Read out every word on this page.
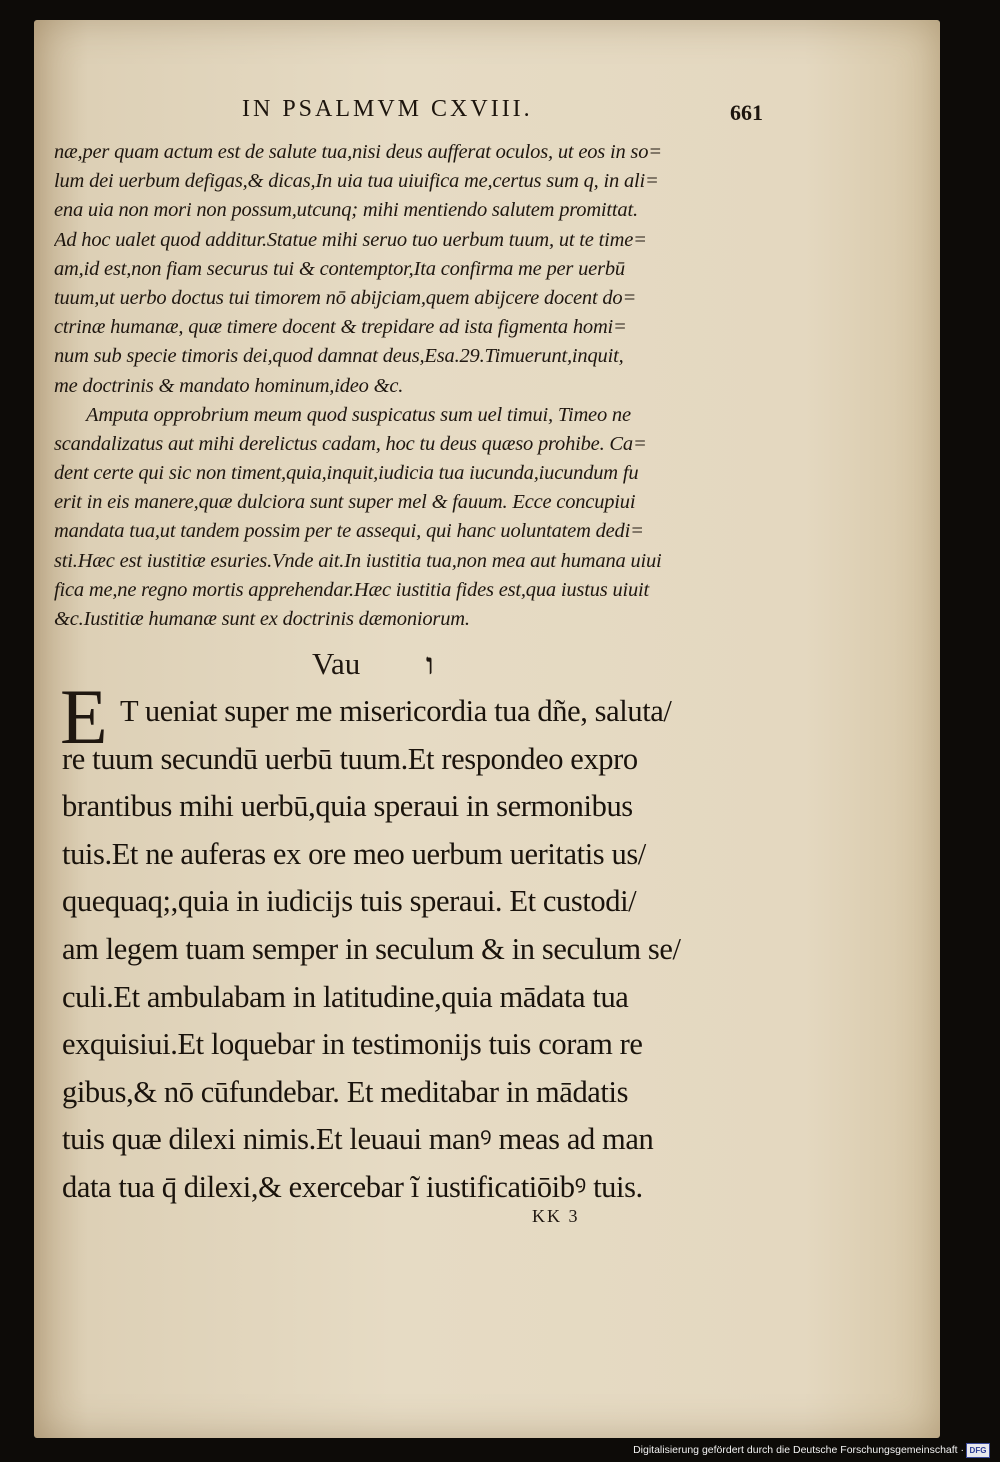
IN PSALMVM CXVIII.	661
næ,per quam actum est de salute tua,nisi deus aufferat oculos, ut eos in so=
lum dei uerbum defigas,& dicas,In uia tua uiuifica me,certus sum q, in ali=
ena uia non mori non possum,utcunq; mihi mentiendo salutem promittat.
Ad hoc ualet quod additur.Statue mihi seruo tuo uerbum tuum, ut te time=
am,id est,non fiam securus tui & contemptor,Ita confirma me per uerbū
tuum,ut uerbo doctus tui timorem nō abijciam,quem abijcere docent do=
ctrinæ humanæ, quæ timere docent & trepidare ad ista figmenta homi=
num sub specie timoris dei,quod damnat deus,Esa.29.Timuerunt,inquit,
me doctrinis & mandato hominum,ideo &c.
Amputa opprobrium meum quod suspicatus sum uel timui, Timeo ne
scandalizatus aut mihi derelictus cadam, hoc tu deus quæso prohibe. Ca=
dent certe qui sic non timent,quia,inquit,iudicia tua iucunda,iucundum fu
erit in eis manere,quæ dulciora sunt super mel & fauum. Ecce concupiui
mandata tua,ut tandem possim per te assequi, qui hanc uoluntatem dedi=
sti.Hæc est iustitiæ esuries.Vnde ait.In iustitia tua,non mea aut humana uiui
fica me,ne regno mortis apprehendar.Hæc iustitia fides est,qua iustus uiuit
&c.Iustitiæ humanæ sunt ex doctrinis dæmoniorum.
Vau	ו
E T ueniat super me misericordia tua dñe, saluta/
re tuum secundū uerbū tuum.Et respondeo expro
brantibus mihi uerbū,quia speraui in sermonibus
tuis.Et ne auferas ex ore meo uerbum ueritatis us/
quequaq;,quia in iudicijs tuis speraui. Et custodi/
am legem tuam semper in seculum & in seculum se/
culi.Et ambulabam in latitudine,quia mādata tua
exquisiui.Et loquebar in testimonijs tuis coram re
gibus,& nō cūfundebar. Et meditabar in mādatis
tuis quæ dilexi nimis.Et leuaui manꝰ meas ad man
data tua q̄ dilexi,& exercebar ĩ iustificatiōibꝰ tuis.
KK 3
Digitalisierung gefördert durch die Deutsche Forschungsgemeinschaft · DFG
